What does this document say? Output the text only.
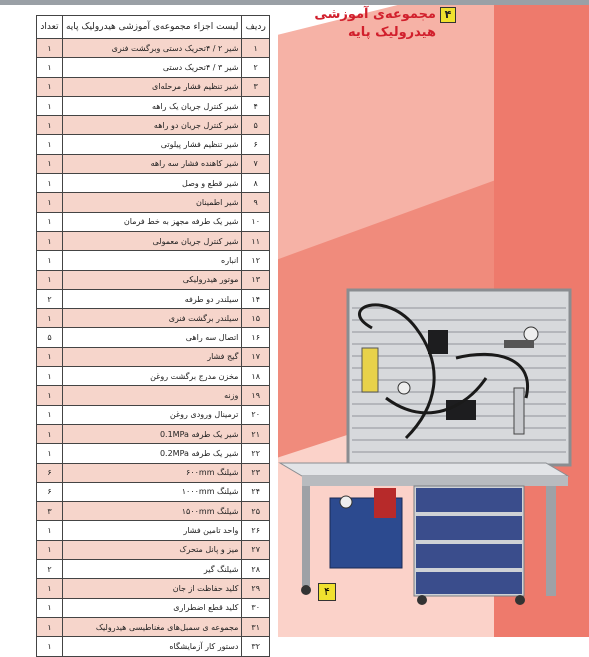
۴مجموعه‌ی آموزشی
هیدرولیک پایه
ردیف	لیست اجزاء مجموعه‌ی آموزشی هیدرولیک پایه	تعداد
۱	شیر ۲ / ۴تحریک دستی وبرگشت فنری	۱
۲	شیر ۳ / ۴تحریک دستی	۱
۳	شیر تنظیم فشار مرحله‌ای	۱
۴	شیر کنترل جریان یک راهه	۱
۵	شیر کنترل جریان دو راهه	۱
۶	شیر تنظیم فشار پیلوتی	۱
۷	شیر کاهنده فشار سه راهه	۱
۸	شیر قطع و وصل	۱
۹	شیر اطمینان	۱
۱۰	شیر یک طرفه مجهز به خط فرمان	۱
۱۱	شیر کنترل جریان معمولی	۱
۱۲	انباره	۱
۱۳	موتور هیدرولیکی	۱
۱۴	سیلندر دو طرفه	۲
۱۵	سیلندر برگشت فنری	۱
۱۶	اتصال سه راهی	۵
۱۷	گیج فشار	۱
۱۸	مخزن مدرج برگشت روغن	۱
۱۹	وزنه	۱
۲۰	ترمینال ورودی روغن	۱
۲۱	شیر یک طرفه 0.1MPa	۱
۲۲	شیر یک طرفه 0.2MPa	۱
۲۳	شیلنگ ۶۰۰mm	۶
۲۴	شیلنگ ۱۰۰۰mm	۶
۲۵	شیلنگ ۱۵۰۰mm	۳
۲۶	واحد تامین فشار	۱
۲۷	میز و پانل متحرک	۱
۲۸	شیلنگ گیر	۲
۲۹	کلید حفاظت از جان	۱
۳۰	کلید قطع اضطراری	۱
۳۱	مجموعه ی سمبل‌های مغناطیسی هیدرولیک	۱
۳۲	دستور کار آزمایشگاه	۱
۴
